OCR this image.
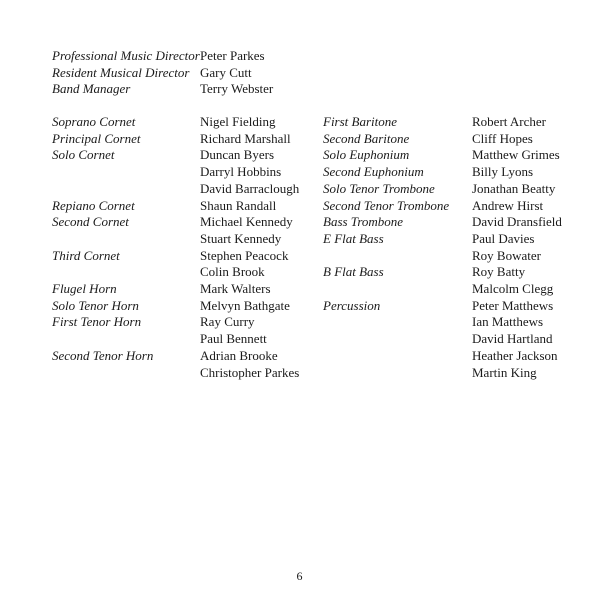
Professional Music Director Peter Parkes
Resident Musical Director Gary Cutt
Band Manager	Terry Webster
Soprano Cornet
Principal Cornet
Solo Cornet
Repiano Cornet
Second Cornet
Third Cornet
Flugel Horn
Solo Tenor Horn
First Tenor Horn
Second Tenor Horn
Nigel Fielding
Richard Marshall
Duncan Byers
Darryl Hobbins
David Barraclough
Shaun Randall
Michael Kennedy
Stuart Kennedy
Stephen Peacock
Colin Brook
Mark Walters
Melvyn Bathgate
Ray Curry
Paul Bennett
Adrian Brooke
Christopher Parkes
First Baritone
Second Baritone
Solo Euphonium
Second Euphonium
Solo Tenor Trombone
Second Tenor Trombone
Bass Trombone
E Flat Bass
B Flat Bass
Percussion
Robert Archer
Cliff Hopes
Matthew Grimes
Billy Lyons
Jonathan Beatty
Andrew Hirst
David Dransfield
Paul Davies
Roy Bowater
Roy Batty
Malcolm Clegg
Peter Matthews
Ian Matthews
David Hartland
Heather Jackson
Martin King
6
